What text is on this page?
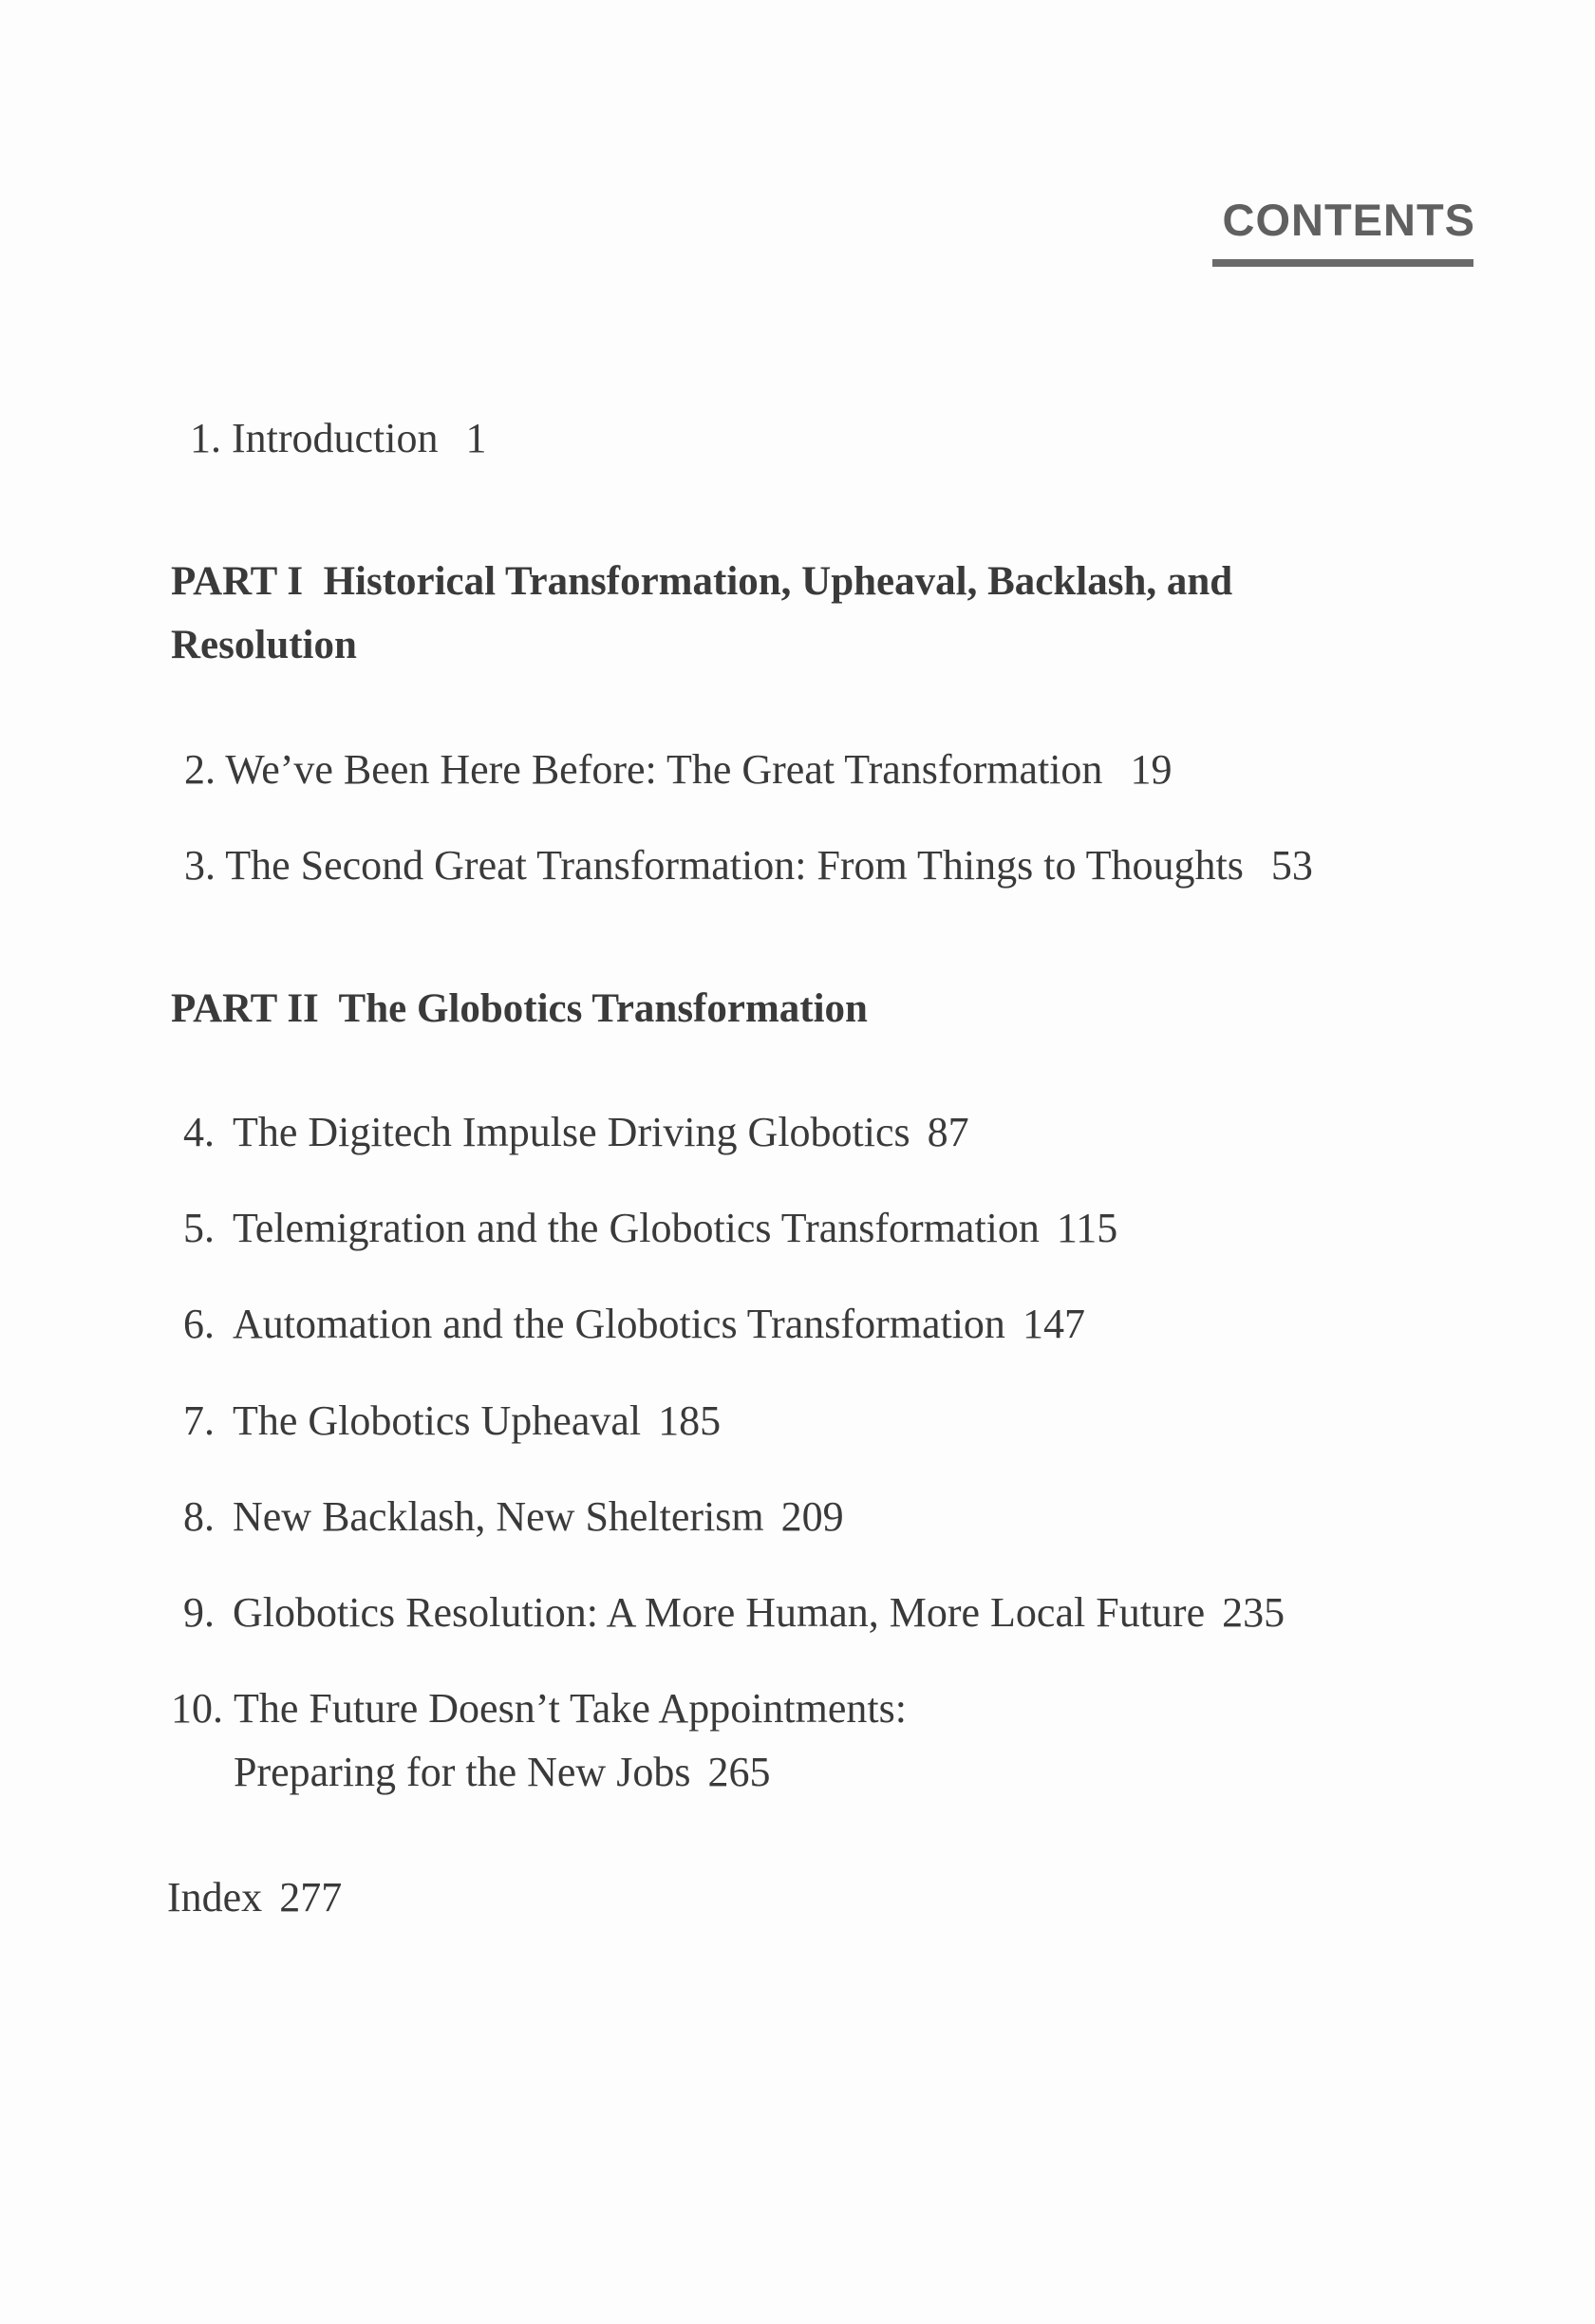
CONTENTS
1. Introduction 1
PART I Historical Transformation, Upheaval, Backlash, and
Resolution
2. We’ve Been Here Before: The Great Transformation 19
3. The Second Great Transformation: From Things to Thoughts 53
PART II The Globotics Transformation
4. The Digitech Impulse Driving Globotics 87
5. Telemigration and the Globotics Transformation 115
6. Automation and the Globotics Transformation 147
7. The Globotics Upheaval 185
8. New Backlash, New Shelterism 209
9. Globotics Resolution: A More Human, More Local Future 235
10. The Future Doesn’t Take Appointments:
Preparing for the New Jobs 265
Index 277
